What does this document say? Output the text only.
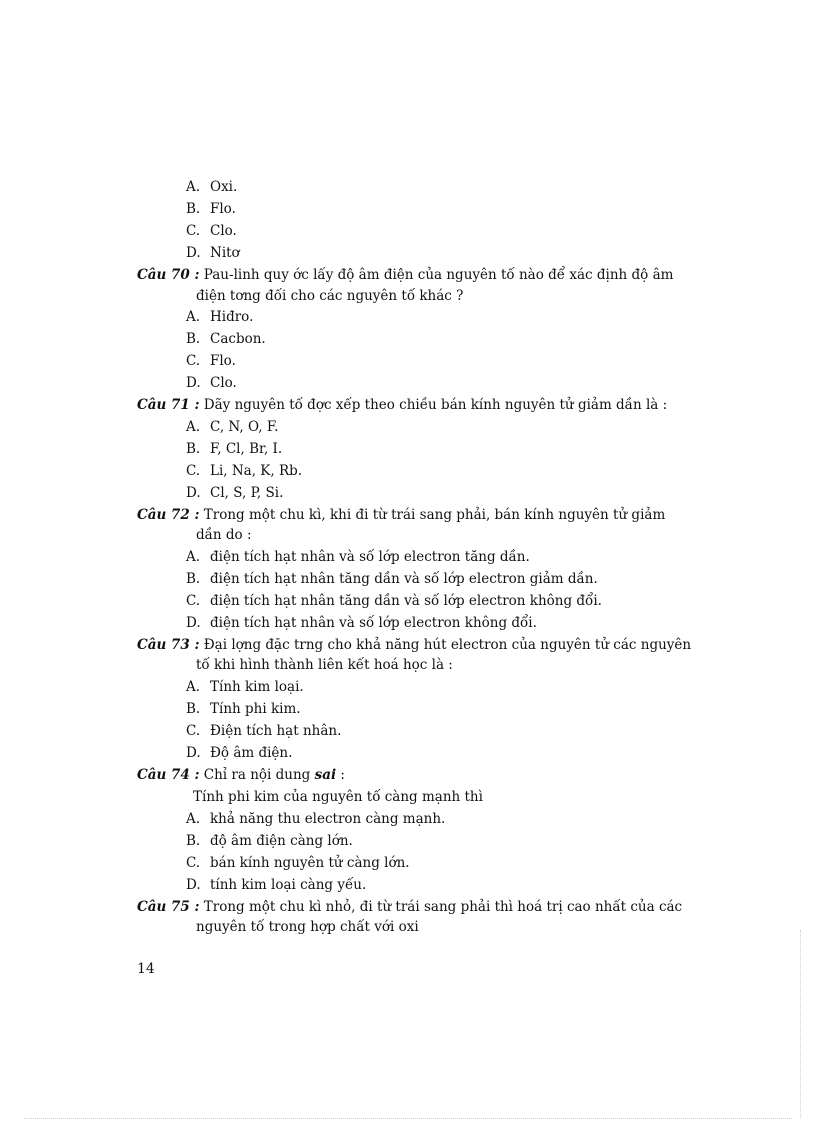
A. Oxi.
B. Flo.
C. Clo.
D. Nitơ
Câu 70 : Pau-linh quy ớc lấy độ âm điện của nguyên tố nào để xác định độ âm
điện tơng đối cho các nguyên tố khác ?
A. Hiđro.
B. Cacbon.
C. Flo.
D. Clo.
Câu 71 : Dãy nguyên tố đợc xếp theo chiều bán kính nguyên tử giảm dần là :
A. C, N, O, F.
B. F, Cl, Br, I.
C. Li, Na, K, Rb.
D. Cl, S, P, Si.
Câu 72 : Trong một chu kì, khi đi từ trái sang phải, bán kính nguyên tử giảm
dần do :
A. điện tích hạt nhân và số lớp electron tăng dần.
B. điện tích hạt nhân tăng dần và số lớp electron giảm dần.
C. điện tích hạt nhân tăng dần và số lớp electron không đổi.
D. điện tích hạt nhân và số lớp electron không đổi.
Câu 73 : Đại lợng đặc trng cho khả năng hút electron của nguyên tử các nguyên
tố khi hình thành liên kết hoá học là :
A. Tính kim loại.
B. Tính phi kim.
C. Điện tích hạt nhân.
D. Độ âm điện.
Câu 74 : Chỉ ra nội dung sai :
Tính phi kim của nguyên tố càng mạnh thì
A. khả năng thu electron càng mạnh.
B. độ âm điện càng lớn.
C. bán kính nguyên tử càng lớn.
D. tính kim loại càng yếu.
Câu 75 : Trong một chu kì nhỏ, đi từ trái sang phải thì hoá trị cao nhất của các
nguyên tố trong hợp chất với oxi
14
